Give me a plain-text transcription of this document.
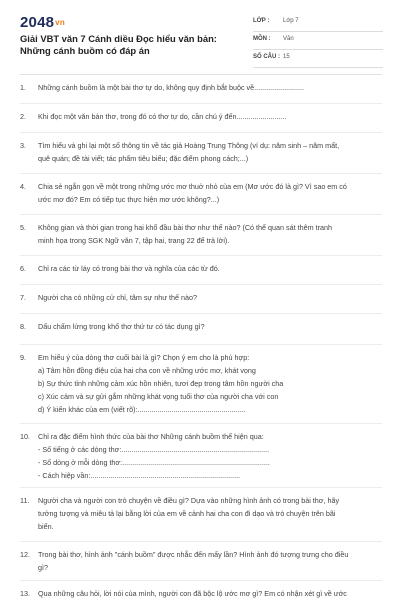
2048vn
Giải VBT văn 7 Cánh diều Đọc hiểu văn bản: Những cánh buồm có đáp án
LỚP : Lớp 7
MÔN : Văn
SỐ CÂU : 15
1.	Những cánh buồm là một bài thơ tự do, không quy định bắt buộc về.........................
2.	Khi đọc một văn bản thơ, trong đó có thơ tự do, cần chú ý đến.........................
3.	Tìm hiểu và ghi lại một số thông tin về tác giả Hoàng Trung Thông (ví dụ: năm sinh – năm mất,
quê quán; đề tài viết; tác phẩm tiêu biểu; đặc điểm phong cách;...)
4.	Chia sẻ ngắn gọn về một trong những ước mơ thuở nhỏ của em (Mơ ước đó là gì? Vì sao em có
ước mơ đó? Em có tiếp tục thực hiện mơ ước không?...)
5.	Không gian và thời gian trong hai khổ đầu bài thơ như thế nào? (Có thể quan sát thêm tranh
minh họa trong SGK Ngữ văn 7, tập hai, trang 22 để trả lời).
6.	Chỉ ra các từ láy có trong bài thơ và nghĩa của các từ đó.
7.	Người cha có những cử chỉ, tâm sự như thế nào?
8.	Dấu chấm lửng trong khổ thơ thứ tư có tác dụng gì?
9.	Em hiểu ý của dòng thơ cuối bài là gì? Chọn ý em cho là phù hợp:
a) Tâm hồn đồng điệu của hai cha con về những ước mơ, khát vọng
b) Sự thức tỉnh những cảm xúc hồn nhiên, tươi đẹp trong tâm hồn người cha
c) Xúc cảm và sự gửi gắm những khát vọng tuổi thơ của người cha với con
d) Ý kiến khác của em (viết rõ):......................................................
10.	Chỉ ra đặc điểm hình thức của bài thơ Những cánh buồm thể hiện qua:
- Số tiếng ở các dòng thơ:..........................................................................
- Số dòng ở mỗi dòng thơ:..........................................................................
- Cách hiệp vần:...........................................................................
11.	Người cha và người con trò chuyện về điều gì? Dựa vào những hình ảnh có trong bài thơ, hãy
tưởng tượng và miêu tả lại bằng lời của em về cảnh hai cha con đi dạo và trò chuyện trên bãi
biển.
12.	Trong bài thơ, hình ảnh "cánh buồm" được nhắc đến mấy lần? Hình ảnh đó tượng trưng cho điều
gì?
13.	Qua những câu hỏi, lời nói của mình, người con đã bộc lộ ước mơ gì? Em có nhận xét gì về ước
